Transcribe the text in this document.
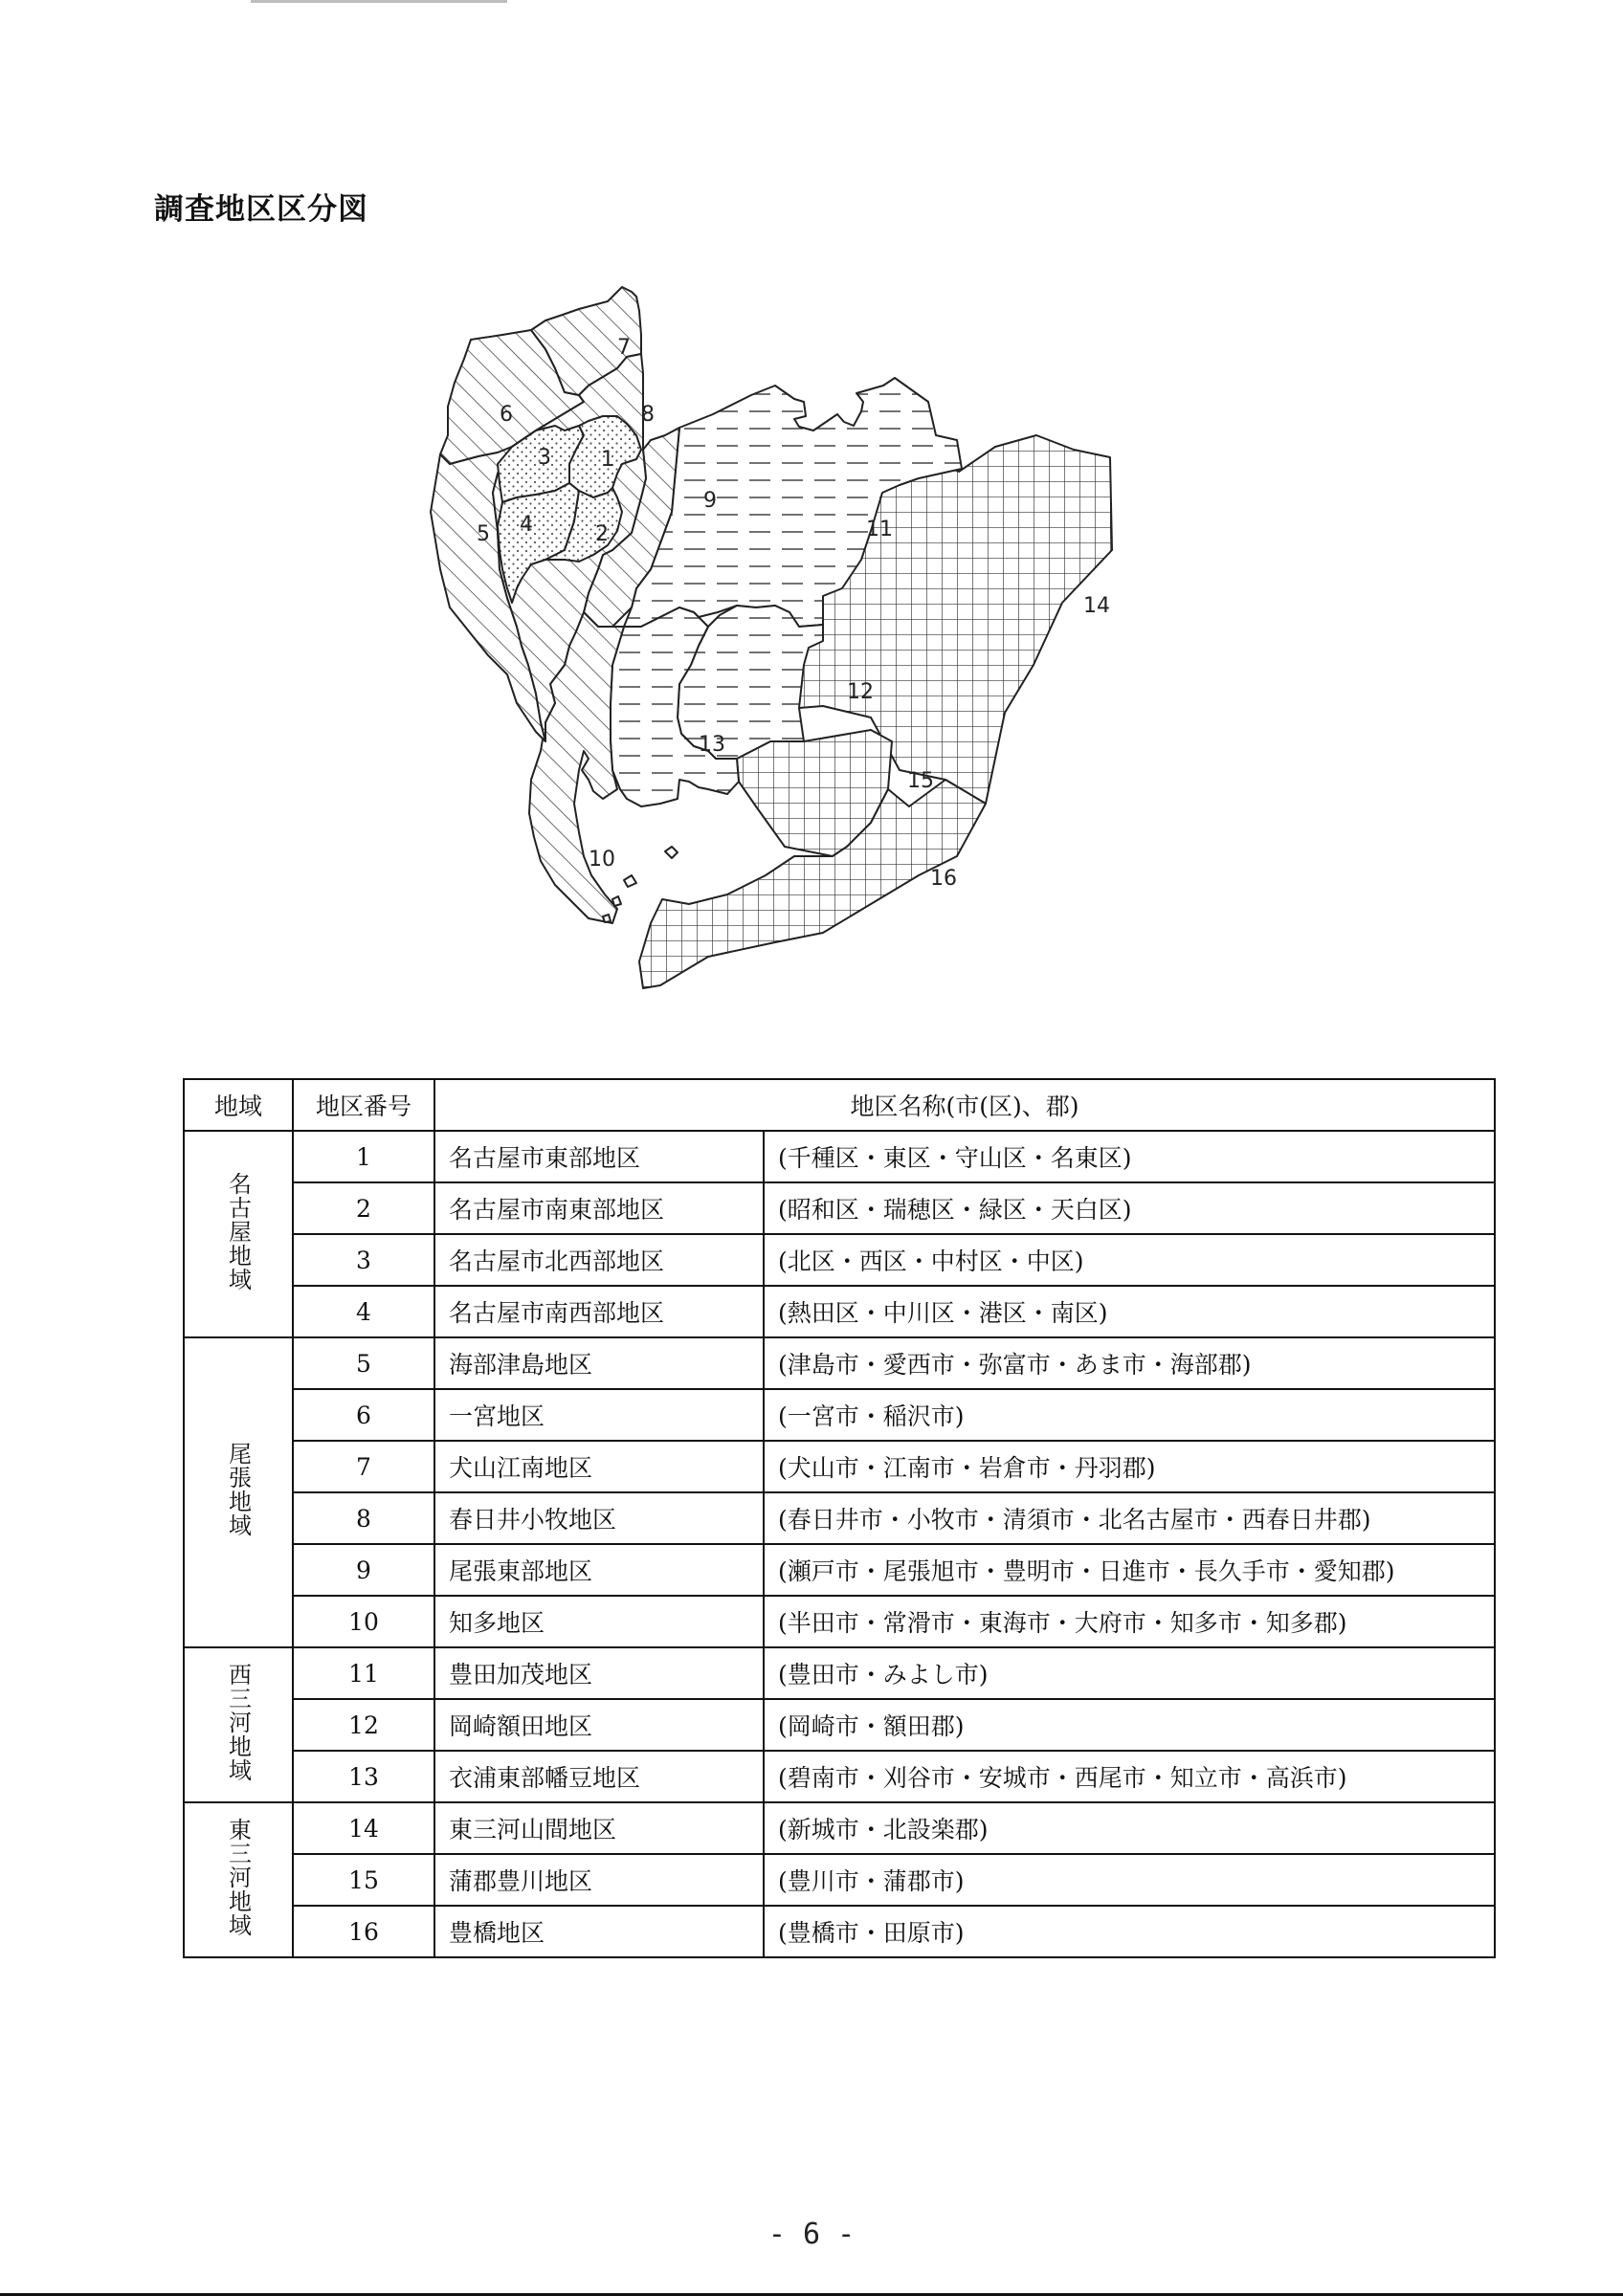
調査地区区分図
1
2
3
4
5
6
7
8
9
10
11
12
13
14
15
16
地域	地区番号	地区名称(市(区)、郡)	
名古屋地域	1	名古屋市東部地区	(千種区・東区・守山区・名東区)
	2	名古屋市南東部地区	(昭和区・瑞穂区・緑区・天白区)
	3	名古屋市北西部地区	(北区・西区・中村区・中区)
	4	名古屋市南西部地区	(熱田区・中川区・港区・南区)
尾張地域	5	海部津島地区	(津島市・愛西市・弥富市・あま市・海部郡)
	6	一宮地区	(一宮市・稲沢市)
	7	犬山江南地区	(犬山市・江南市・岩倉市・丹羽郡)
	8	春日井小牧地区	(春日井市・小牧市・清須市・北名古屋市・西春日井郡)
	9	尾張東部地区	(瀬戸市・尾張旭市・豊明市・日進市・長久手市・愛知郡)
	10	知多地区	(半田市・常滑市・東海市・大府市・知多市・知多郡)
西三河地域	11	豊田加茂地区	(豊田市・みよし市)
	12	岡崎額田地区	(岡崎市・額田郡)
	13	衣浦東部幡豆地区	(碧南市・刈谷市・安城市・西尾市・知立市・高浜市)
東三河地域	14	東三河山間地区	(新城市・北設楽郡)
	15	蒲郡豊川地区	(豊川市・蒲郡市)
	16	豊橋地区	(豊橋市・田原市)
- 6 -
